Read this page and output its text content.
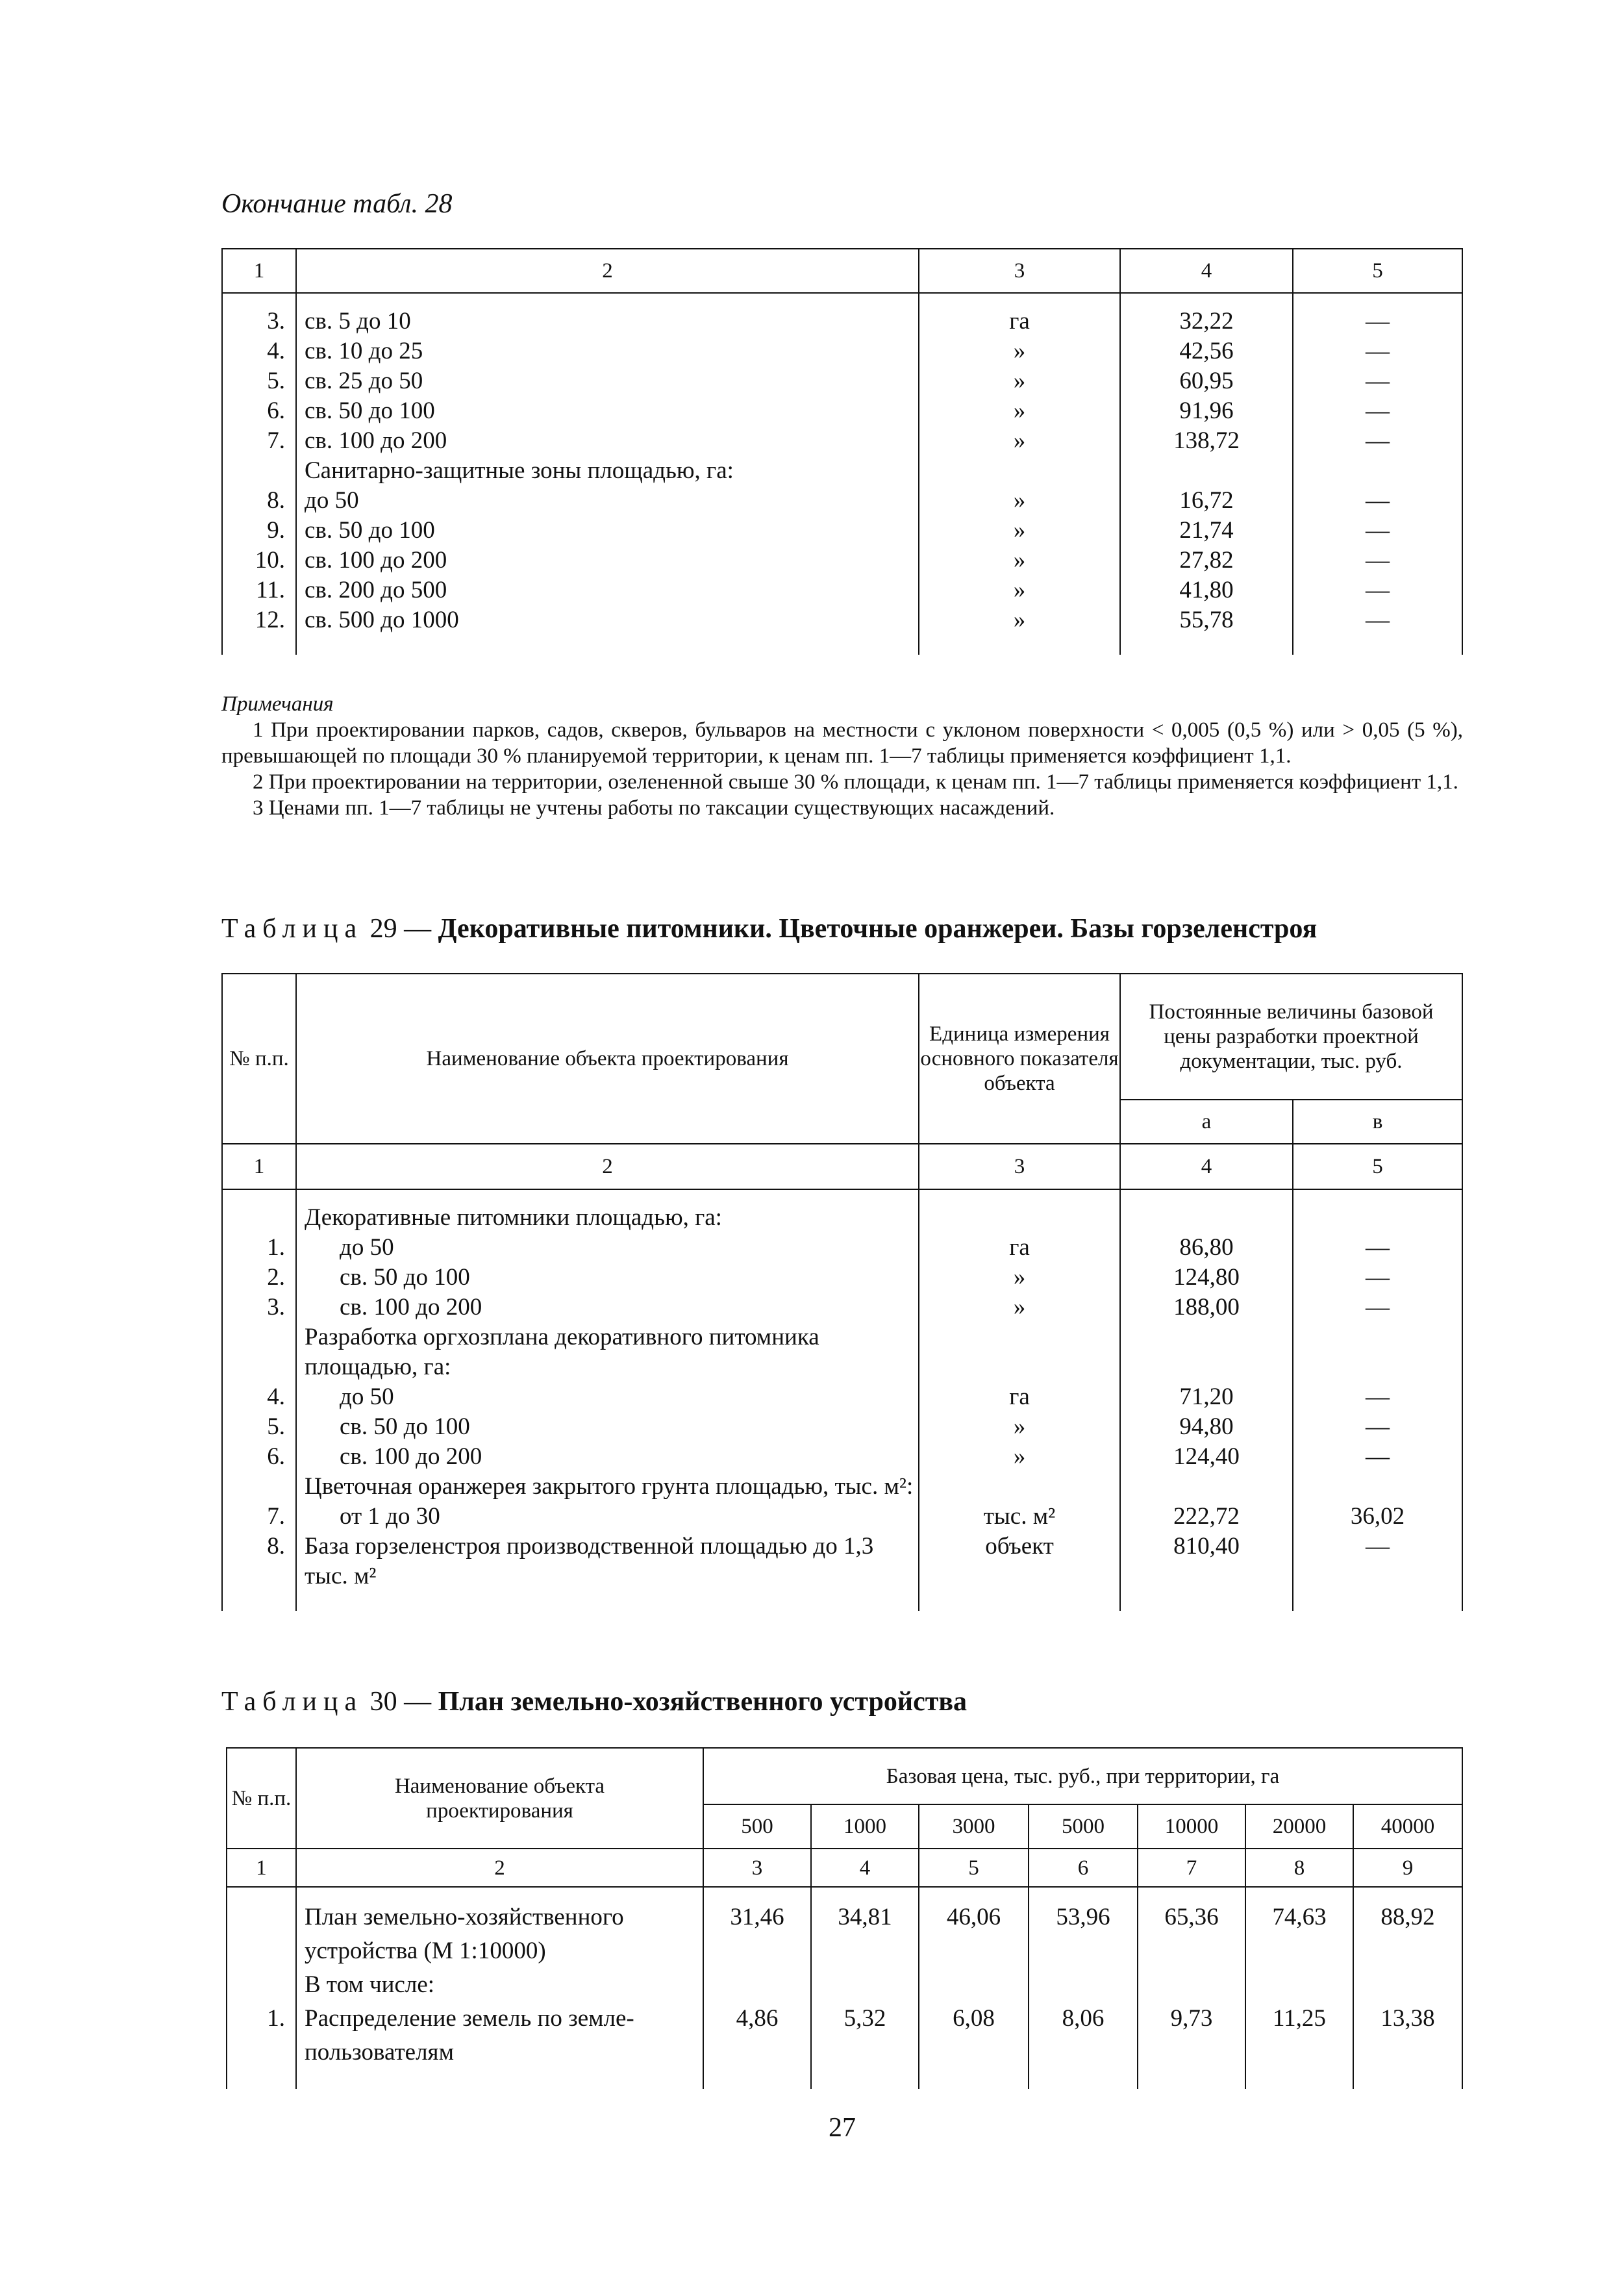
Окончание табл. 28
1	2	3	4	5
3.	св. 5 до 10	га	32,22	—
4.	св. 10 до 25	»	42,56	—
5.	св. 25 до 50	»	60,95	—
6.	св. 50 до 100	»	91,96	—
7.	св. 100 до 200	»	138,72	—
	Санитарно-защитные зоны площадью, га:			
8.	до 50	»	16,72	—
9.	св. 50 до 100	»	21,74	—
10.	св. 100 до 200	»	27,82	—
11.	св. 200 до 500	»	41,80	—
12.	св. 500 до 1000	»	55,78	—

Примечания

1 При проектировании парков, садов, скверов, бульваров на местности с уклоном поверхности < 0,005 (0,5 %) или > 0,05 (5 %), превышающей по площади 30 % планируемой территории, к ценам пп. 1—7 таблицы применяется коэффициент 1,1.

2 При проектировании на территории, озелененной свыше 30 % площади, к ценам пп. 1—7 таблицы применяется коэффициент 1,1.

3 Ценами пп. 1—7 таблицы не учтены работы по таксации существующих насаждений.

Таблица 29 — Декоративные питомники. Цветочные оранжереи. Базы горзеленстроя
№ п.п.	Наименование объекта проектирования	Единица измерения основного показателя объекта	Постоянные величины базовой цены разработки проектной документации, тыс. руб.	
			а	в
1	2	3	4	5
	Декоративные питомники площадью, га:			
1.	до 50	га	86,80	—
2.	св. 50 до 100	»	124,80	—
3.	св. 100 до 200	»	188,00	—
	Разработка оргхозплана декоративного питомника площадью, га:			
4.	до 50	га	71,20	—
5.	св. 50 до 100	»	94,80	—
6.	св. 100 до 200	»	124,40	—
	Цветочная оранжерея закрытого грунта площадью, тыс. м²:			
7.	от 1 до 30	тыс. м²	222,72	36,02
8.	База горзеленстроя производственной площадью до 1,3 тыс. м²	объект	810,40	—
Таблица 30 — План земельно-хозяйственного устройства
№ п.п.	Наименование объекта проектирования	Базовая цена, тыс. руб., при территории, га						
		500	1000	3000	5000	10000	20000	40000
1	2	3	4	5	6	7	8	9
	План земельно-хозяйственного устройства (М 1:10000)	31,46	34,81	46,06	53,96	65,36	74,63	88,92
	В том числе:							
1.	Распределение земель по земле-пользователям	4,86	5,32	6,08	8,06	9,73	11,25	13,38
27
